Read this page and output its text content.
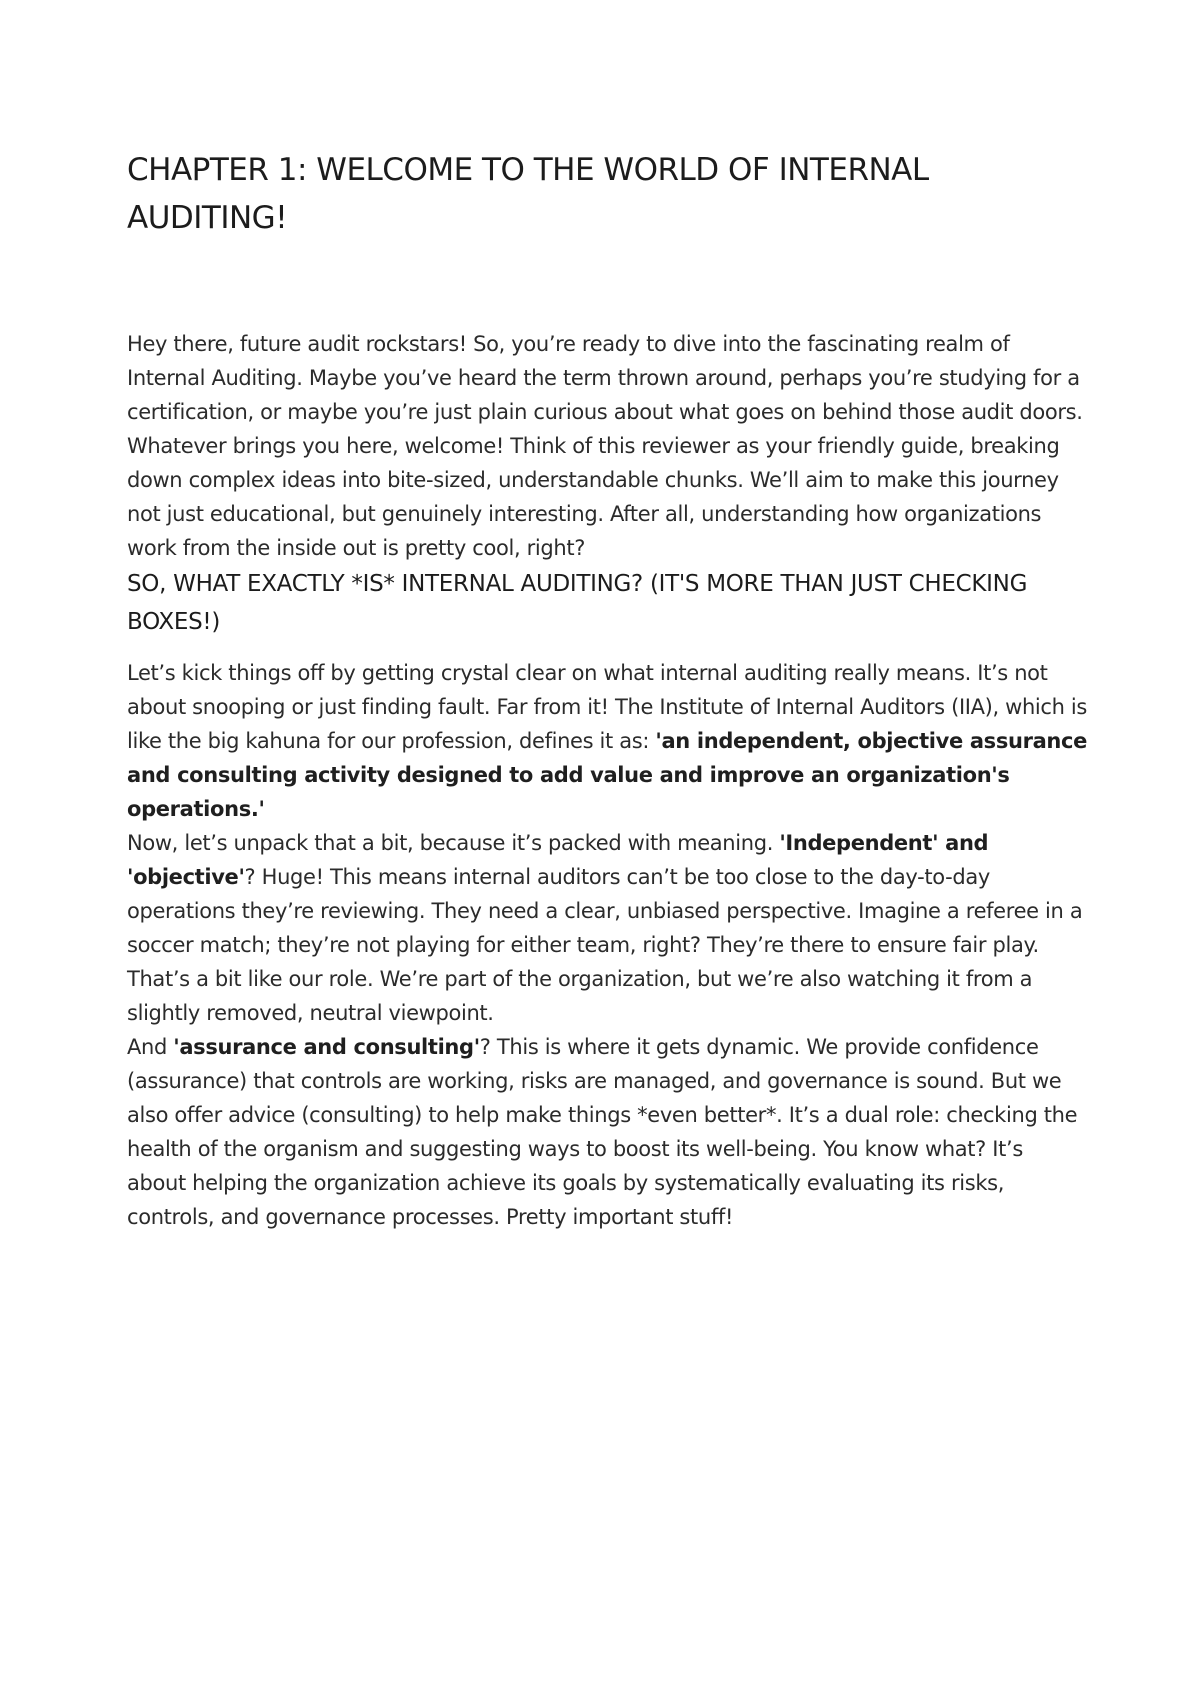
CHAPTER 1: WELCOME TO THE WORLD OF INTERNAL AUDITING!

Hey there, future audit rockstars! So, you’re ready to dive into the fascinating realm of Internal Auditing. Maybe you’ve heard the term thrown around, perhaps you’re studying for a certification, or maybe you’re just plain curious about what goes on behind those audit doors. Whatever brings you here, welcome! Think of this reviewer as your friendly guide, breaking down complex ideas into bite-sized, understandable chunks. We’ll aim to make this journey not just educational, but genuinely interesting. After all, understanding how organizations work from the inside out is pretty cool, right?

SO, WHAT EXACTLY *IS* INTERNAL AUDITING? (IT'S MORE THAN JUST CHECKING BOXES!)

Let’s kick things off by getting crystal clear on what internal auditing really means. It’s not about snooping or just finding fault. Far from it! The Institute of Internal Auditors (IIA), which is like the big kahuna for our profession, defines it as: 'an independent, objective assurance and consulting activity designed to add value and improve an organization's operations.'

Now, let’s unpack that a bit, because it’s packed with meaning. 'Independent' and 'objective'? Huge! This means internal auditors can’t be too close to the day-to-day operations they’re reviewing. They need a clear, unbiased perspective. Imagine a referee in a soccer match; they’re not playing for either team, right? They’re there to ensure fair play. That’s a bit like our role. We’re part of the organization, but we’re also watching it from a slightly removed, neutral viewpoint.

And 'assurance and consulting'? This is where it gets dynamic. We provide confidence (assurance) that controls are working, risks are managed, and governance is sound. But we also offer advice (consulting) to help make things *even better*. It’s a dual role: checking the health of the organism and suggesting ways to boost its well-being. You know what? It’s about helping the organization achieve its goals by systematically evaluating its risks, controls, and governance processes. Pretty important stuff!
